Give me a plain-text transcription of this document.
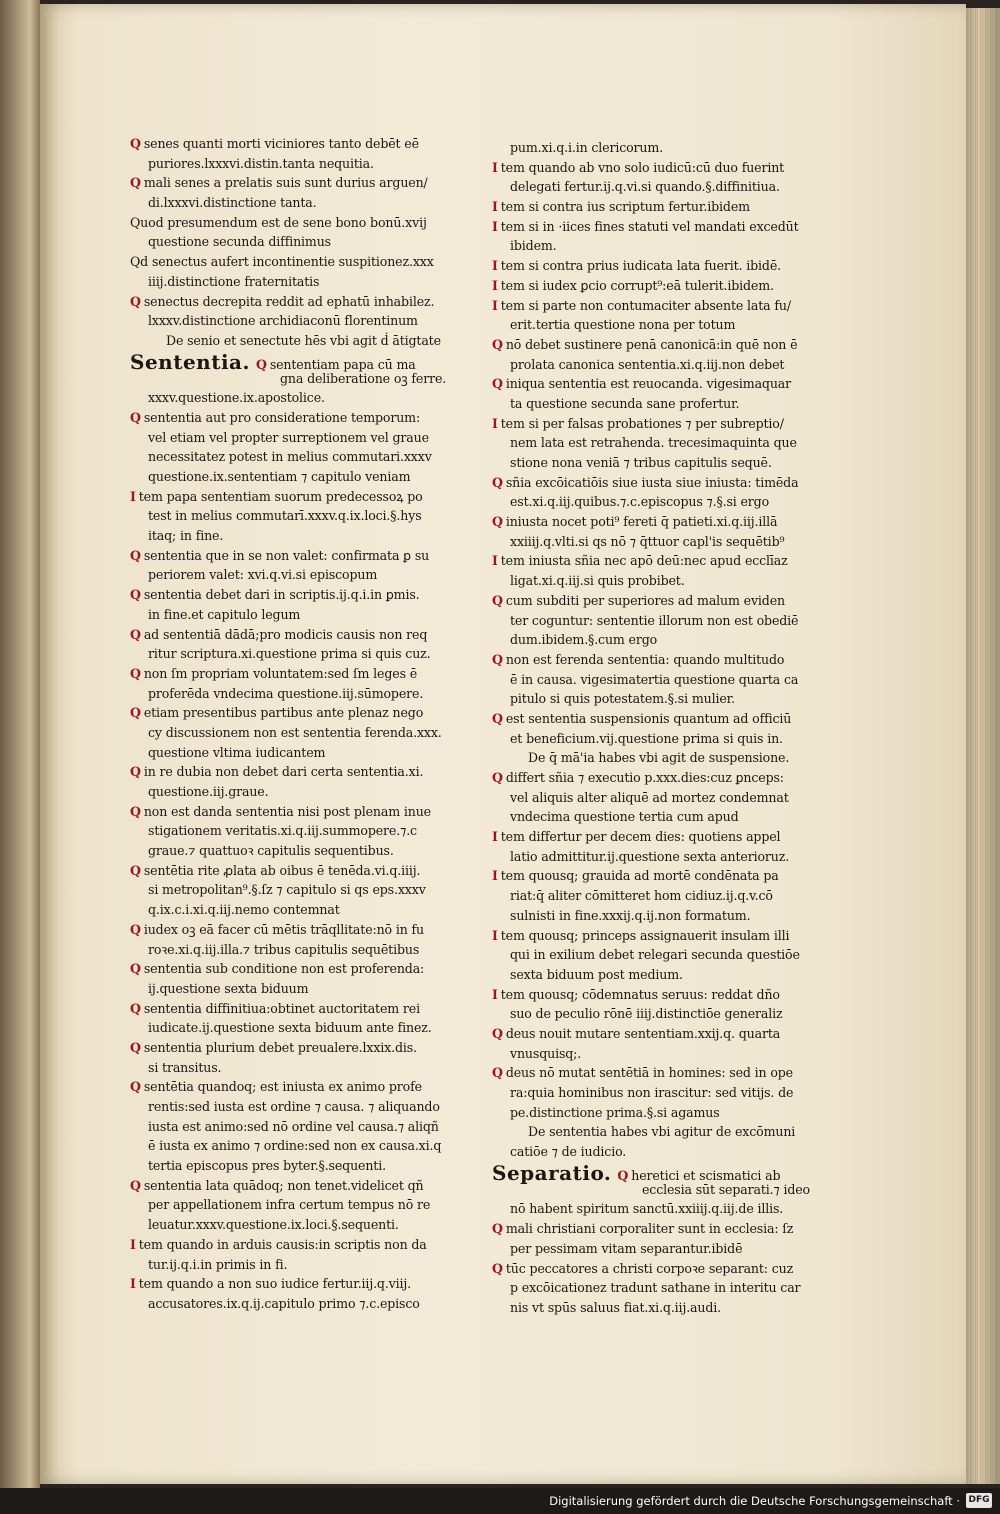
Q senes quanti morti viciniores tanto debēt eē
puriores.lxxxvi.distin.tanta nequitia.
Q mali senes a prelatis suis sunt durius arguen/
di.lxxxvi.distinctione tanta.
Quod presumendum est de sene bono bonū.xvij
questione secunda diffinimus
Qd senectus aufert incontinentie suspitionez.xxx
iiij.distinctione fraternitatis
Q senectus decrepita reddit ad ephatū inhabilez.
lxxxv.distinctione archidiaconū florentinum
De senio et senectute hēs vbi agit ḋ ātigtate
Sententia. Q sententiam papa cū ma
gna deliberatione oꝫ ferre.
xxxv.questione.ix.apostolice.
Q sententia aut pro consideratione temporum:
vel etiam vel propter surreptionem vel graue
necessitatez potest in melius commutari.xxxv
questione.ix.sententiam ⁊ capitulo veniam
I tem papa sententiam suorum predecessoꝝ po
test in melius commutarī.xxxv.q.ix.loci.§.hys
itaq; in fine.
Q sententia que in se non valet: confirmata ꝑ su
periorem valet: xvi.q.vi.si episcopum
Q sententia debet dari in scriptis.ij.q.i.in ꝑmis.
in fine.et capitulo legum
Q ad sententiā dādā;pro modicis causis non req
ritur scriptura.xi.questione prima si quis cuz.
Q non ſm propriam voluntatem:sed ſm leges ē
proferēda vndecima questione.iij.sūmopere.
Q etiam presentibus partibus ante plenaz nego
cy discussionem non est sententia ferenda.xxx.
questione vltima iudicantem
Q in re dubia non debet dari certa sententia.xi.
questione.iij.graue.
Q non est danda sententia nisi post plenam inue
stigationem veritatis.xi.q.iij.summopere.⁊.c
graue.⁊ quattuoꝛ capitulis sequentibus.
Q sentētia rite ꝓlata ab oibus ē tenēda.vi.q.iiij.
si metropolitan⁹.§.ſz ⁊ capitulo si qs eps.xxxv
q.ix.c.i.xi.q.iij.nemo contemnat
Q iudex oꝫ eā facer cū mētis trāqllitate:nō in fu
roꝛe.xi.q.iij.illa.⁊ tribus capitulis sequētibus
Q sententia sub conditione non est proferenda:
ij.questione sexta biduum
Q sententia diffinitiua:obtinet auctoritatem rei
iudicate.ij.questione sexta biduum ante finez.
Q sententia plurium debet preualere.lxxix.dis.
si transitus.
Q sentētia quandoq; est iniusta ex animo profe
rentis:sed iusta est ordine ⁊ causa. ⁊ aliquando
iusta est animo:sed nō ordine vel causa.⁊ aliqñ
ē iusta ex animo ⁊ ordine:sed non ex causa.xi.q
tertia episcopus pres byter.§.sequenti.
Q sententia lata quādoq; non tenet.videlicet qñ
per appellationem infra certum tempus nō re
leuatur.xxxv.questione.ix.loci.§.sequenti.
I tem quando in arduis causis:in scriptis non da
tur.ij.q.i.in primis in fi.
I tem quando a non suo iudice fertur.iij.q.viij.
accusatores.ix.q.ij.capitulo primo ⁊.c.episco
pum.xi.q.i.in clericorum.
I tem quando ab vno solo iudicū:cū duo fuerint
delegati fertur.ij.q.vi.si quando.§.diffinitiua.
I tem si contra ius scriptum fertur.ibidem
I tem si in ·iices fines statuti vel mandati excedūt
ibidem.
I tem si contra prius iudicata lata fuerit. ibidē.
I tem si iudex ꝑcio corrupt⁹:eā tulerit.ibidem.
I tem si parte non contumaciter absente lata fu/
erit.tertia questione nona per totum
Q nō debet sustinere penā canonicā:in quē non ē
prolata canonica sententia.xi.q.iij.non debet
Q iniqua sententia est reuocanda. vigesimaquar
ta questione secunda sane profertur.
I tem si per falsas probationes ⁊ per subreptio/
nem lata est retrahenda. trecesimaquinta que
stione nona veniā ⁊ tribus capitulis sequē.
Q sñia excōicatiōis siue iusta siue iniusta: timēda
est.xi.q.iij.quibus.⁊.c.episcopus ⁊.§.si ergo
Q iniusta nocet poti⁹ fereti q̄ patieti.xi.q.iij.illā
xxiiij.q.vlti.si qs nō ⁊ q̄ttuor capl'is sequētib⁹
I tem iniusta sñia nec apō deū:nec apud ecclīaz
ligat.xi.q.iij.si quis probibet.
Q cum subditi per superiores ad malum eviden
ter coguntur: sententie illorum non est obediē
dum.ibidem.§.cum ergo
Q non est ferenda sententia: quando multitudo
ē in causa. vigesimatertia questione quarta ca
pitulo si quis potestatem.§.si mulier.
Q est sententia suspensionis quantum ad officiū
et beneficium.vij.questione prima si quis in.
De q̄ mā'ia habes vbi agit de suspensione.
Q differt sñia ⁊ executio p.xxx.dies:cuz ꝑnceps:
vel aliquis alter aliquē ad mortez condemnat
vndecima questione tertia cum apud
I tem differtur per decem dies: quotiens appel
latio admittitur.ij.questione sexta anterioruz.
I tem quousq; grauida ad mortē condēnata pa
riat:q̄ aliter cōmitteret hom cidiuz.ij.q.v.cō
sulnisti in fine.xxxij.q.ij.non formatum.
I tem quousq; princeps assignauerit insulam illi
qui in exilium debet relegari secunda questiōe
sexta biduum post medium.
I tem quousq; cōdemnatus seruus: reddat dño
suo de peculio rōnē iiij.distinctiōe generaliz
Q deus nouit mutare sententiam.xxij.q. quarta
vnusquisq;.
Q deus nō mutat sentētiā in homines: sed in ope
ra:quia hominibus non irascitur: sed vitijs. de
pe.distinctione prima.§.si agamus
De sententia habes vbi agitur de excōmuni
catiōe ⁊ de iudicio.
Separatio. Q heretici et scismatici ab
ecclesia sūt separati.⁊ ideo
nō habent spiritum sanctū.xxiiij.q.iij.de illis.
Q mali christiani corporaliter sunt in ecclesia: ſz
per pessimam vitam separantur.ibidē
Q tūc peccatores a christi corpoꝛe separant: cuz
p excōicationez tradunt sathane in interitu car
nis vt spūs saluus fiat.xi.q.iij.audi.
Digitalisierung gefördert durch die Deutsche Forschungsgemeinschaft · DFG
